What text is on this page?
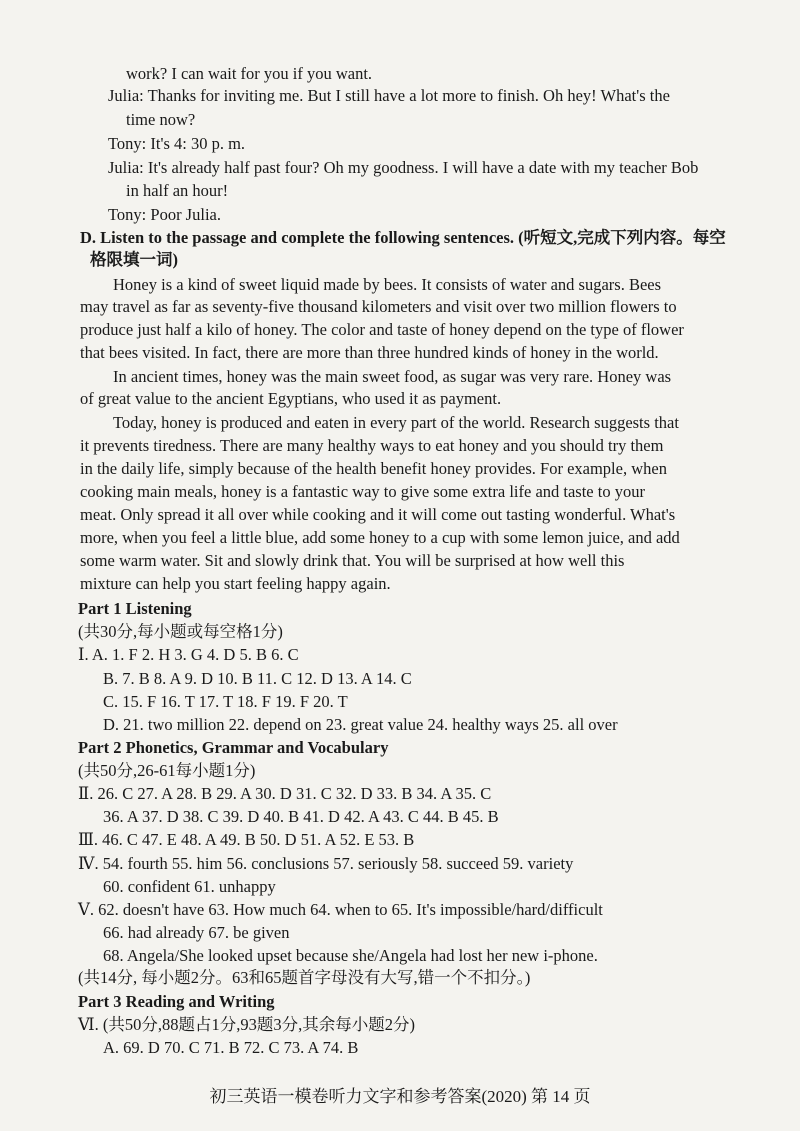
work? I can wait for you if you want.
Julia: Thanks for inviting me. But I still have a lot more to finish. Oh hey! What's the
time now?
Tony: It's 4: 30 p. m.
Julia: It's already half past four? Oh my goodness. I will have a date with my teacher Bob
in half an hour!
Tony: Poor Julia.
D. Listen to the passage and complete the following sentences. (听短文,完成下列内容。每空
格限填一词)
Honey is a kind of sweet liquid made by bees. It consists of water and sugars. Bees
may travel as far as seventy-five thousand kilometers and visit over two million flowers to
produce just half a kilo of honey. The color and taste of honey depend on the type of flower
that bees visited. In fact, there are more than three hundred kinds of honey in the world.
In ancient times, honey was the main sweet food, as sugar was very rare. Honey was
of great value to the ancient Egyptians, who used it as payment.
Today, honey is produced and eaten in every part of the world. Research suggests that
it prevents tiredness. There are many healthy ways to eat honey and you should try them
in the daily life, simply because of the health benefit honey provides. For example, when
cooking main meals, honey is a fantastic way to give some extra life and taste to your
meat. Only spread it all over while cooking and it will come out tasting wonderful. What's
more, when you feel a little blue, add some honey to a cup with some lemon juice, and add
some warm water. Sit and slowly drink that. You will be surprised at how well this
mixture can help you start feeling happy again.
Part 1 Listening
(共30分,每小题或每空格1分)
Ⅰ. A. 1. F 2. H 3. G 4. D 5. B 6. C
B. 7. B 8. A 9. D 10. B 11. C 12. D 13. A 14. C
C. 15. F 16. T 17. T 18. F 19. F 20. T
D. 21. two million 22. depend on 23. great value 24. healthy ways 25. all over
Part 2 Phonetics, Grammar and Vocabulary
(共50分,26-61每小题1分)
Ⅱ. 26. C 27. A 28. B 29. A 30. D 31. C 32. D 33. B 34. A 35. C
36. A 37. D 38. C 39. D 40. B 41. D 42. A 43. C 44. B 45. B
Ⅲ. 46. C 47. E 48. A 49. B 50. D 51. A 52. E 53. B
Ⅳ. 54. fourth 55. him 56. conclusions 57. seriously 58. succeed 59. variety
60. confident 61. unhappy
Ⅴ. 62. doesn't have 63. How much 64. when to 65. It's impossible/hard/difficult
66. had already 67. be given
68. Angela/She looked upset because she/Angela had lost her new i-phone.
(共14分, 每小题2分。63和65题首字母没有大写,错一个不扣分。)
Part 3 Reading and Writing
Ⅵ. (共50分,88题占1分,93题3分,其余每小题2分)
A. 69. D 70. C 71. B 72. C 73. A 74. B
初三英语一模卷听力文字和参考答案(2020) 第 14 页
